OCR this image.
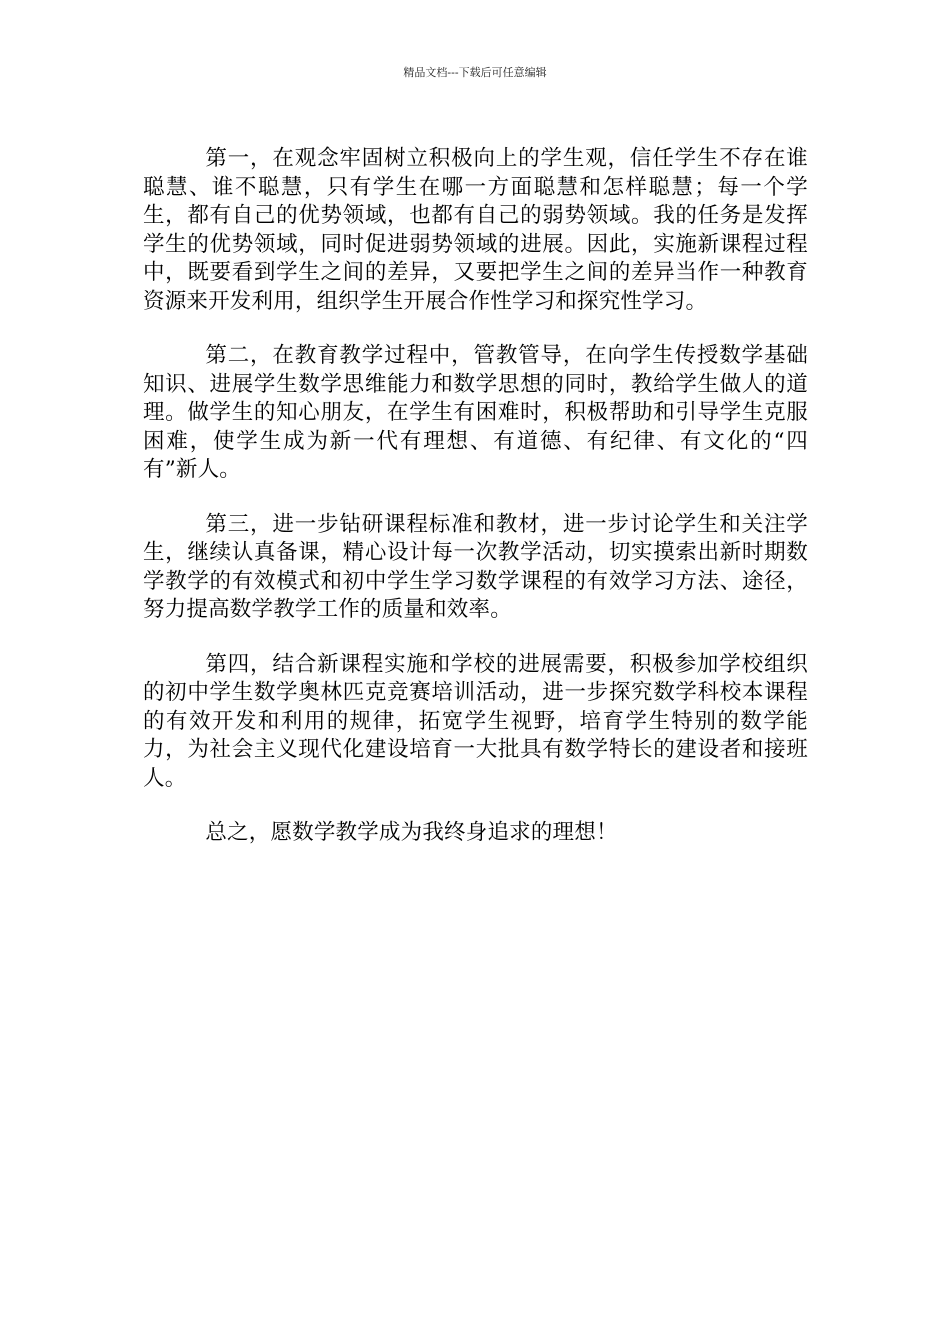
精品文档---下载后可任意编辑

第一，在观念牢固树立积极向上的学生观，信任学生不存在谁聪慧、谁不聪慧，只有学生在哪一方面聪慧和怎样聪慧；每一个学生，都有自己的优势领域，也都有自己的弱势领域。我的任务是发挥学生的优势领域，同时促进弱势领域的进展。因此，实施新课程过程中，既要看到学生之间的差异，又要把学生之间的差异当作一种教育资源来开发利用，组织学生开展合作性学习和探究性学习。

第二，在教育教学过程中，管教管导，在向学生传授数学基础知识、进展学生数学思维能力和数学思想的同时，教给学生做人的道理。做学生的知心朋友，在学生有困难时，积极帮助和引导学生克服困难，使学生成为新一代有理想、有道德、有纪律、有文化的“四有”新人。

第三，进一步钻研课程标准和教材，进一步讨论学生和关注学生，继续认真备课，精心设计每一次教学活动，切实摸索出新时期数学教学的有效模式和初中学生学习数学课程的有效学习方法、途径，努力提高数学教学工作的质量和效率。

第四，结合新课程实施和学校的进展需要，积极参加学校组织的初中学生数学奥林匹克竞赛培训活动，进一步探究数学科校本课程的有效开发和利用的规律，拓宽学生视野，培育学生特别的数学能力，为社会主义现代化建设培育一大批具有数学特长的建设者和接班人。

总之，愿数学教学成为我终身追求的理想！
